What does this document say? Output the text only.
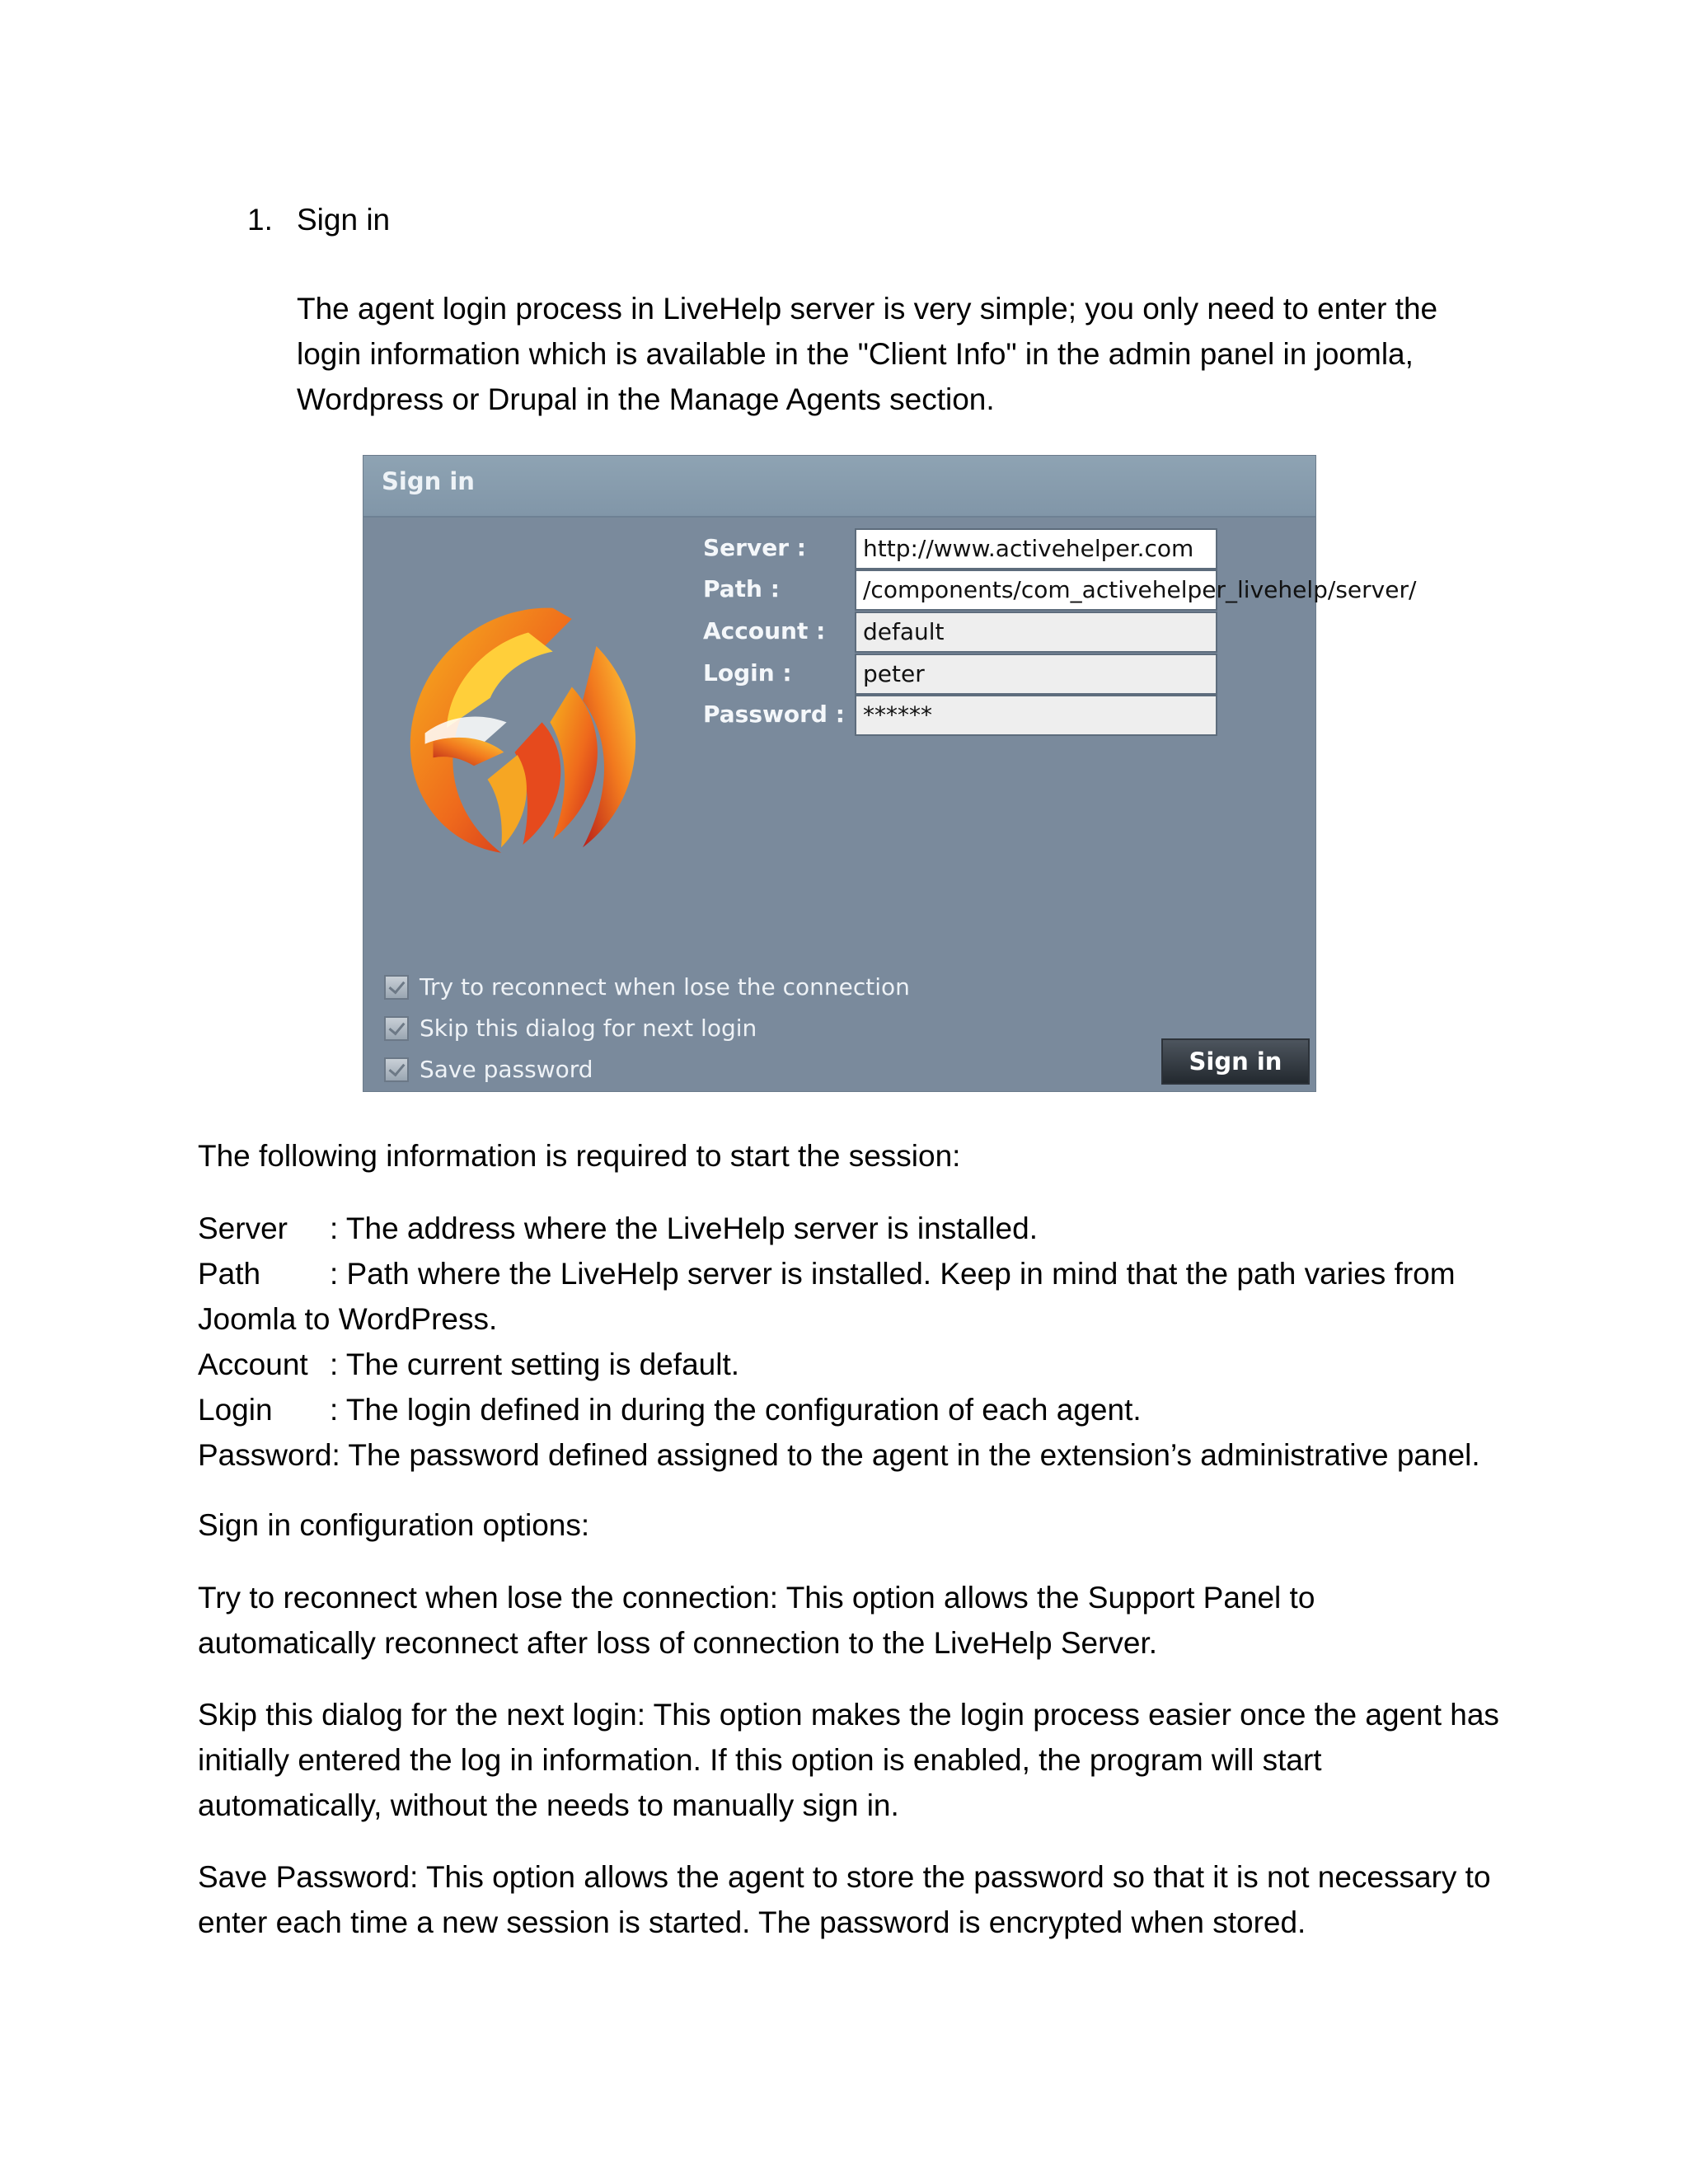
1. Sign in
The agent login process in LiveHelp server is very simple; you only need to enter the
login information which is available in the "Client Info" in the admin panel in joomla,
Wordpress or Drupal in the Manage Agents section.
Sign in
Server :	http://www.activehelper.com
Path :	/components/com_activehelper_livehelp/server/
Account :	default
Login :	peter
Password : ******
Try to reconnect when lose the connection
Skip this dialog for next login
Save password	Sign in
The following information is required to start the session:
Server : The address where the LiveHelp server is installed.
Path : Path where the LiveHelp server is installed. Keep in mind that the path varies from
Joomla to WordPress.
Account : The current setting is default.
Login : The login defined in during the configuration of each agent.
Password: The password defined assigned to the agent in the extension’s administrative panel.
Sign in configuration options:
Try to reconnect when lose the connection: This option allows the Support Panel to
automatically reconnect after loss of connection to the LiveHelp Server.
Skip this dialog for the next login: This option makes the login process easier once the agent has
initially entered the log in information. If this option is enabled, the program will start
automatically, without the needs to manually sign in.
Save Password: This option allows the agent to store the password so that it is not necessary to
enter each time a new session is started. The password is encrypted when stored.
